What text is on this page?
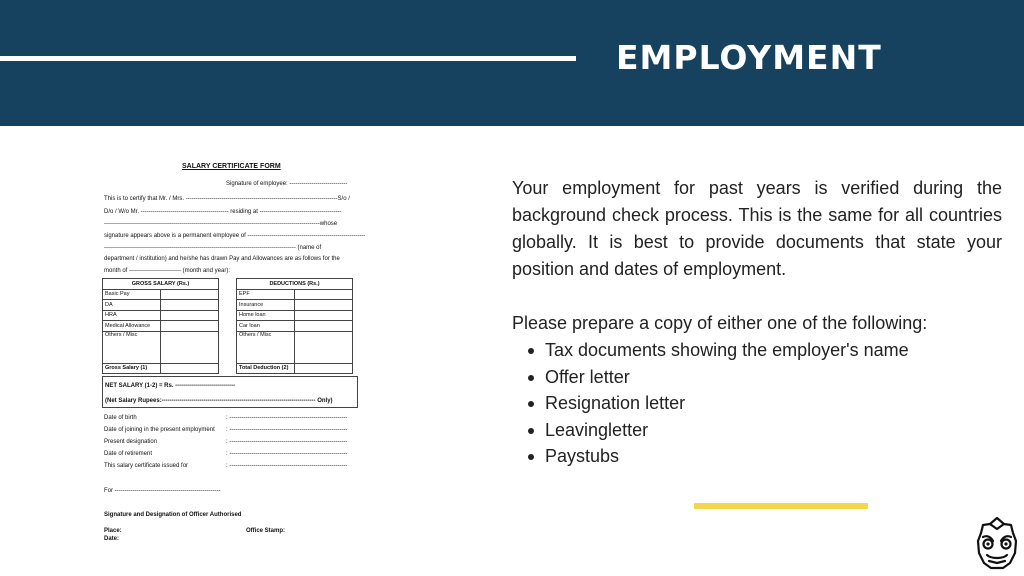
EMPLOYMENT
SALARY CERTIFICATE FORM
Signature of employee: -----------------------------
This is to certify that Mr. / Mrs. ----------------------------------------------------------------------------S/o /
D/o / W/o Mr. -------------------------------------------- residing at -----------------------------------------
------------------------------------------------------------------------------------------------------------whose
signature appears above is a permanent employee of -----------------------------------------------------------
------------------------------------------------------------------------------------------------ (name of
department / institution) and he/she has drawn Pay and Allowances are as follows for the
month of -------------------------- (month and year):
GROSS SALARY (Rs.)	
Basic Pay	
DA	
HRA	
Medical Allowance	
Others / Misc	
Gross Salary (1)	
DEDUCTIONS (Rs.)	
EPF	
Insurance	
Home loan	
Car loan	
Others / Misc	
Total Deduction (2)	
NET SALARY (1-2) = Rs. ------------------------------
(Net Salary Rupees:----------------------------------------------------------------------------- Only)
Date of birth	: -----------------------------------------------------------
Date of joining in the present employment : -----------------------------------------------------------
Present designation	: -----------------------------------------------------------
Date of retirement	: -----------------------------------------------------------
This salary certificate issued for	: -----------------------------------------------------------
For -----------------------------------------------------
Signature and Designation of Officer Authorised
Place:	Office Stamp:
Date:
Your employment for past years is verified during the background check process. This is the same for all countries globally. It is best to provide documents that state your position and dates of employment.
Please prepare a copy of either one of the following:
Tax documents showing the employer's name
Offer letter
Resignation letter
Leavingletter
Paystubs
